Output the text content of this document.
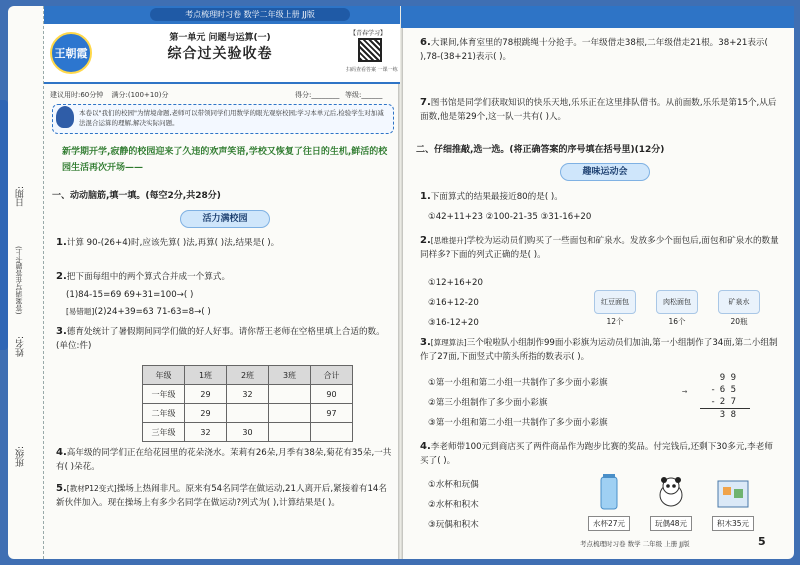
考点梳理时习卷 数学二年级上册 JJ版
日期:
(答案请写在答题卡上)
姓名:
班级:
王朝霞
第一单元 问题与运算(一)
综合过关验收卷
【青春学习】
扫码查看答案 一课一练
建议用时:60分钟 满分:(100+10)分	得分:________ 等级:______
本卷以"我们的校园"为情境命题,老师可以带领同学们用数学的眼光观察校园;学习本单元后,检验学生对加减法混合运算的理解,解决实际问题。
新学期开学,寂静的校园迎来了久违的欢声笑语,学校又恢复了往日的生机,鲜活的校园生活再次开场——
一、动动脑筋,填一填。(每空2分,共28分)
活力满校园
1.计算 90-(26+4)时,应该先算( )法,再算( )法,结果是( )。
2.把下面每组中的两个算式合并成一个算式。
(1)84-15=69 69+31=100→( )
[易错题](2)24+39=63 71-63=8→( )
3.德育处统计了暑假期间同学们做的好人好事。请你帮王老师在空格里填上合适的数。(单位:件)
年级	1班	2班	3班	合计
一年级	29	32		90
二年级	29			97
三年级	32	30		
4.高年级的同学们正在给花园里的花朵浇水。茉莉有26朵,月季有38朵,菊花有35朵,一共有( )朵花。
5.[教材P12变式]操场上热闹非凡。原来有54名同学在做运动,21人离开后,紧接着有14名新伙伴加入。现在操场上有多少名同学在做运动?列式为( ),计算结果是( )。
6.大课间,体育室里的78根跳绳十分抢手。一年级借走38根,二年级借走21根。38+21表示( ),78-(38+21)表示( )。
7.图书馆是同学们获取知识的快乐天地,乐乐正在这里排队借书。从前面数,乐乐是第15个,从后面数,他是第29个,这一队一共有( )人。
二、仔细推敲,选一选。(将正确答案的序号填在括号里)(12分)
趣味运动会
1.下面算式的结果最接近80的是( )。
①42+11+23 ②100-21-35 ③31-16+20
2.[思维提升]学校为运动员们购买了一些面包和矿泉水。发放多少个面包后,面包和矿泉水的数量同样多?下面的列式正确的是( )。
①12+16+20
②16+12-20
③16-12+20
红豆面包
12个
肉松面包
16个
矿泉水
20瓶
3.[算理算法]三个啦啦队小组制作99面小彩旗为运动员们加油,第一小组制作了34面,第二小组制作了27面,下面竖式中箭头所指的数表示( )。
①第一小组和第二小组一共制作了多少面小彩旗
②第三小组制作了多少面小彩旗
③第一小组和第二小组一共制作了多少面小彩旗
9 9
- 6 5
- 2 7
3 8
→
4.李老师带100元到商店买了两件商品作为跑步比赛的奖品。付完钱后,还剩下30多元,李老师买了( )。
①水杯和玩偶
②水杯和积木
③玩偶和积木	水杯27元	玩偶48元	积木35元
考点梳理时习卷 数学 二年级 上册 JJ版	5
